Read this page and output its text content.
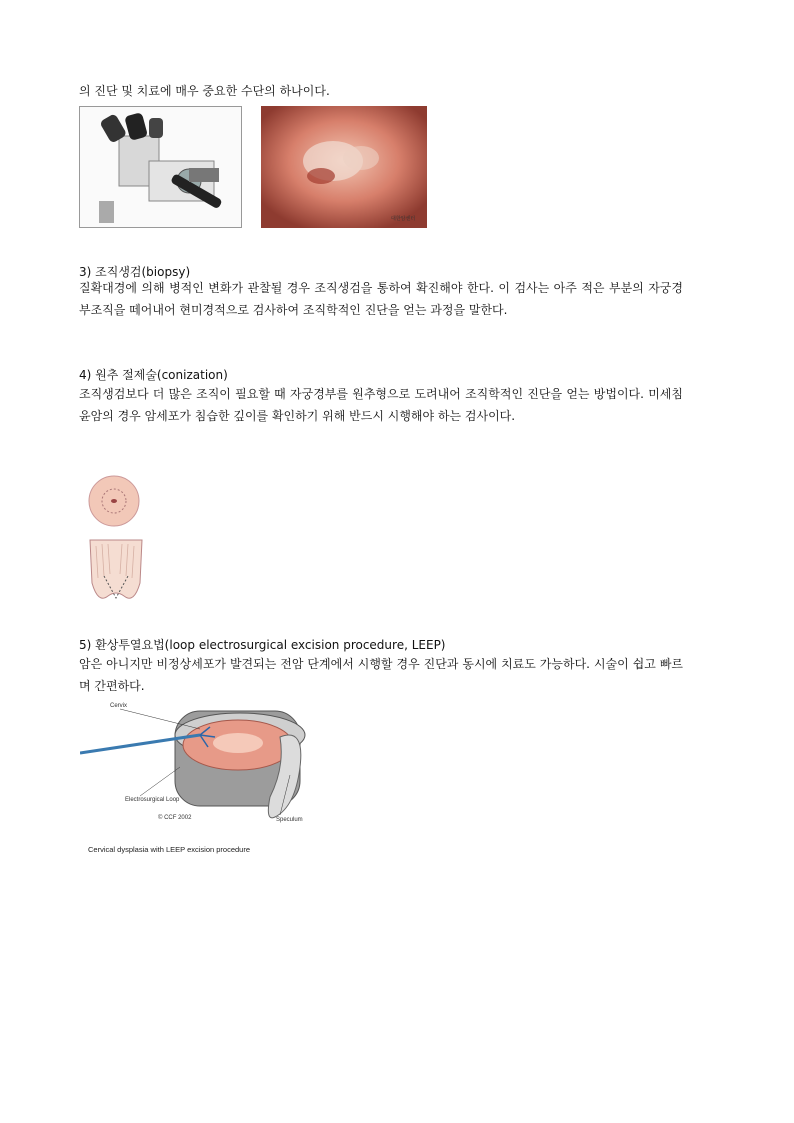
의 진단 및 치료에 매우 중요한 수단의 하나이다.
대한암센터
3) 조직생검(biopsy)
질확대경에 의해 병적인 변화가 관찰될 경우 조직생검을 통하여 확진해야 한다. 이 검사는 아주 적은 부분의 자궁경부조직을 떼어내어 현미경적으로 검사하여 조직학적인 진단을 얻는 과정을 말한다.
4) 원추 절제술(conization)
조직생검보다 더 많은 조직이 필요할 때 자궁경부를 원추형으로 도려내어 조직학적인 진단을 얻는 방법이다. 미세침윤암의 경우 암세포가 침습한 깊이를 확인하기 위해 반드시 시행해야 하는 검사이다.
5) 환상투열요법(loop electrosurgical excision procedure, LEEP)
암은 아니지만 비정상세포가 발견되는 전암 단계에서 시행할 경우 진단과 동시에 치료도 가능하다. 시술이 쉽고 빠르며 간편하다.
Cervix
Electrosurgical Loop
Speculum
© CCF 2002
Cervical dysplasia with LEEP excision procedure
